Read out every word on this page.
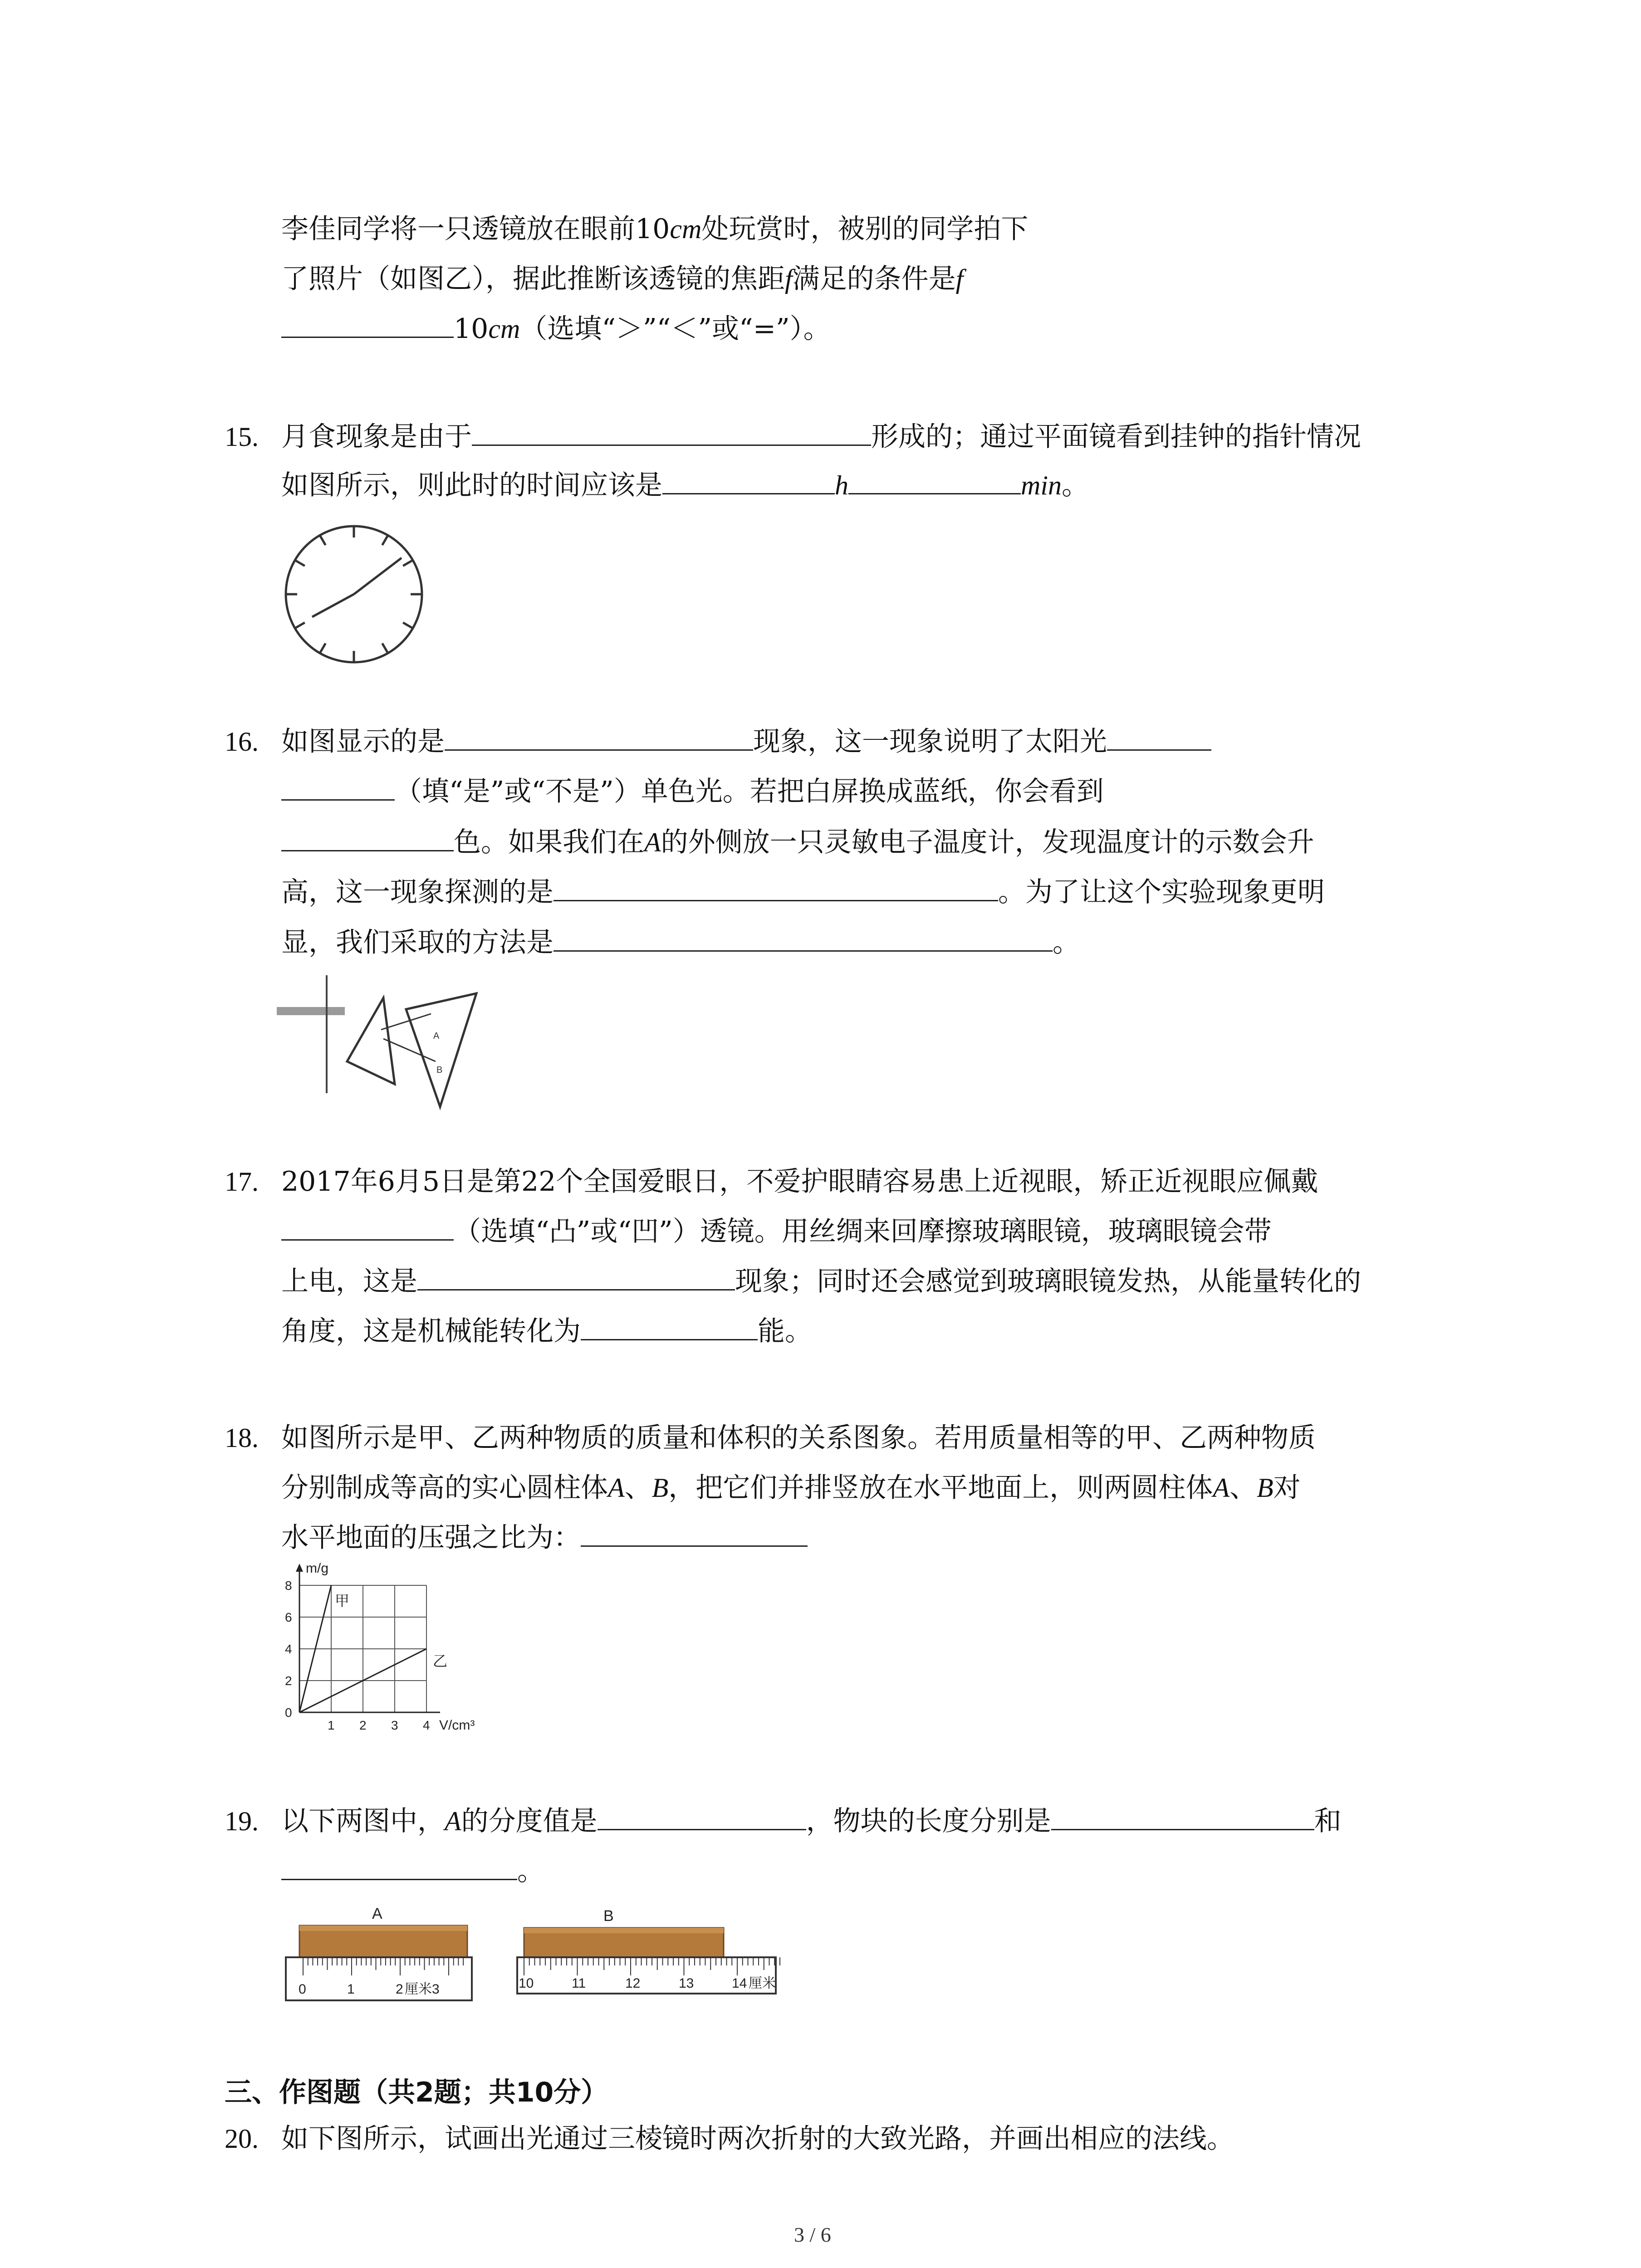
李佳同学将一只透镜放在眼前10cm处玩赏时，被别的同学拍下
了照片（如图乙），据此推断该透镜的焦距f满足的条件是f
10cm（选填“＞”“＜”或“=”）。
15. 月食现象是由于	形成的；通过平面镜看到挂钟的指针情况
如图所示，则此时的时间应该是	h	min。
16. 如图显示的是	现象，这一现象说明了太阳光
（填“是”或“不是”）单色光。若把白屏换成蓝纸，你会看到
色。如果我们在A的外侧放一只灵敏电子温度计，发现温度计的示数会升
高，这一现象探测的是	。为了让这个实验现象更明
显，我们采取的方法是	。
A
B
17. 2017年6月5日是第22个全国爱眼日，不爱护眼睛容易患上近视眼，矫正近视眼应佩戴
（选填“凸”或“凹”）透镜。用丝绸来回摩擦玻璃眼镜，玻璃眼镜会带
上电，这是	现象；同时还会感觉到玻璃眼镜发热，从能量转化的
角度，这是机械能转化为	能。
18. 如图所示是甲、乙两种物质的质量和体积的关系图象。若用质量相等的甲、乙两种物质
分别制成等高的实心圆柱体A、B，把它们并排竖放在水平地面上，则两圆柱体A、B对
水平地面的压强之比为：
1 2 3 4
0
2
4
6
8
甲
乙
m/g
V/cm³
19. 以下两图中，A的分度值是	，物块的长度分别是	和
。
A
0	1	2 厘米3
B
10	11	12	13	14 厘米
三、作图题（共2题；共10分）
20. 如下图所示，试画出光通过三棱镜时两次折射的大致光路，并画出相应的法线。
3 / 6
